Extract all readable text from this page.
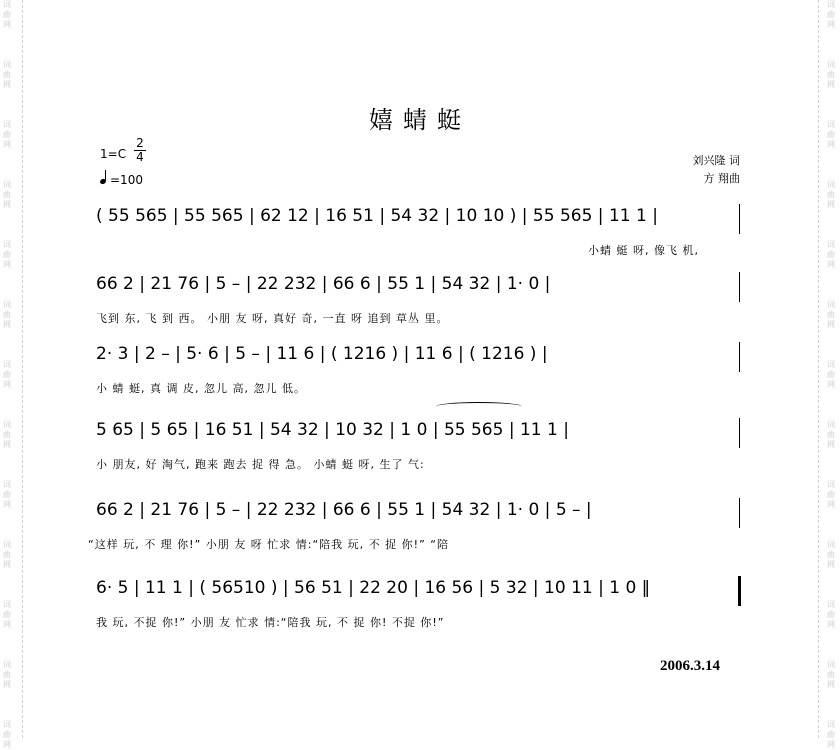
词
曲
网
词
曲
网
词
曲
网
词
曲
网
词
曲
网
词
曲
网
词
曲
网
词
曲
网
词
曲
网
词
曲
网
词
曲
网
词
曲
网
词
曲
网
词
曲
网
词
曲
网
词
曲
网
词
曲
网
词
曲
网
词
曲
网
词
曲
网
词
曲
网
词
曲
网
词
曲
网
词
曲
网
词
曲
网
词
曲
网
嬉蜻蜓
1=C
2
4
=100
刘兴隆 词
方 翔曲
( 55 565 | 55 565 | 62 12 | 16 51 | 54 32 | 10 10 ) | 55 565 | 11 1 |
小蜻 蜓 呀, 像飞 机,
66 2 | 21 76 | 5 – | 22 232 | 66 6 | 55 1 | 54 32 | 1· 0 |
飞到 东, 飞 到 西。 小朋 友 呀, 真好 奇, 一直 呀 追到 草丛 里。
2· 3 | 2 – | 5· 6 | 5 – | 11 6 | ( 1216 ) | 11 6 | ( 1216 ) |
小 蜻 蜓, 真 调 皮, 忽儿 高, 忽儿 低。
5 65 | 5 65 | 16 51 | 54 32 | 10 32 | 1 0 | 55 565 | 11 1 |
小 朋友, 好 淘气, 跑来 跑去 捉 得 急。 小蜻 蜓 呀, 生了 气:
66 2 | 21 76 | 5 – | 22 232 | 66 6 | 55 1 | 54 32 | 1· 0 | 5 – |
“这样 玩, 不 理 你!” 小朋 友 呀 忙求 情:“陪我 玩, 不 捉 你!” “陪
6· 5 | 11 1 | ( 56510 ) | 56 51 | 22 20 | 16 56 | 5 32 | 10 11 | 1 0 ‖
我 玩, 不捉 你!” 小朋 友 忙求 情:“陪我 玩, 不 捉 你! 不捉 你!”
2006.3.14
